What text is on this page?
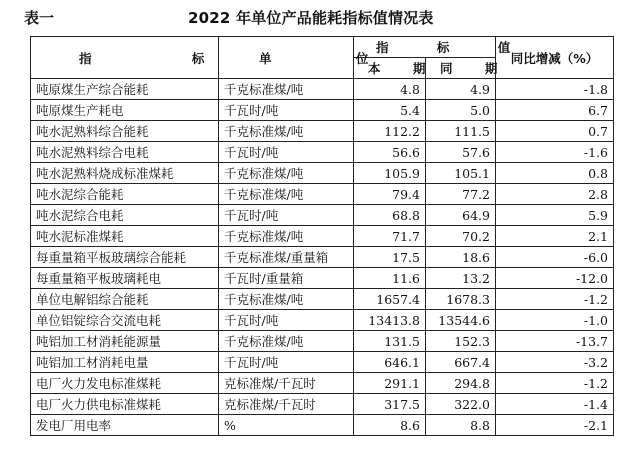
表一	2022 年单位产品能耗指标值情况表
指 标	单 位	指 标 值		同比增减（%）
		本 期	同 期	
吨原煤生产综合能耗	千克标准煤/吨	4.8	4.9	-1.8
吨原煤生产耗电	千瓦时/吨	5.4	5.0	6.7
吨水泥熟料综合能耗	千克标准煤/吨	112.2	111.5	0.7
吨水泥熟料综合电耗	千瓦时/吨	56.6	57.6	-1.6
吨水泥熟料烧成标准煤耗	千克标准煤/吨	105.9	105.1	0.8
吨水泥综合能耗	千克标准煤/吨	79.4	77.2	2.8
吨水泥综合电耗	千瓦时/吨	68.8	64.9	5.9
吨水泥标准煤耗	千克标准煤/吨	71.7	70.2	2.1
每重量箱平板玻璃综合能耗	千克标准煤/重量箱	17.5	18.6	-6.0
每重量箱平板玻璃耗电	千瓦时/重量箱	11.6	13.2	-12.0
单位电解铝综合能耗	千克标准煤/吨	1657.4	1678.3	-1.2
单位铝锭综合交流电耗	千瓦时/吨	13413.8	13544.6	-1.0
吨铝加工材消耗能源量	千克标准煤/吨	131.5	152.3	-13.7
吨铝加工材消耗电量	千瓦时/吨	646.1	667.4	-3.2
电厂火力发电标准煤耗	克标准煤/千瓦时	291.1	294.8	-1.2
电厂火力供电标准煤耗	克标准煤/千瓦时	317.5	322.0	-1.4
发电厂用电率	%	8.6	8.8	-2.1
